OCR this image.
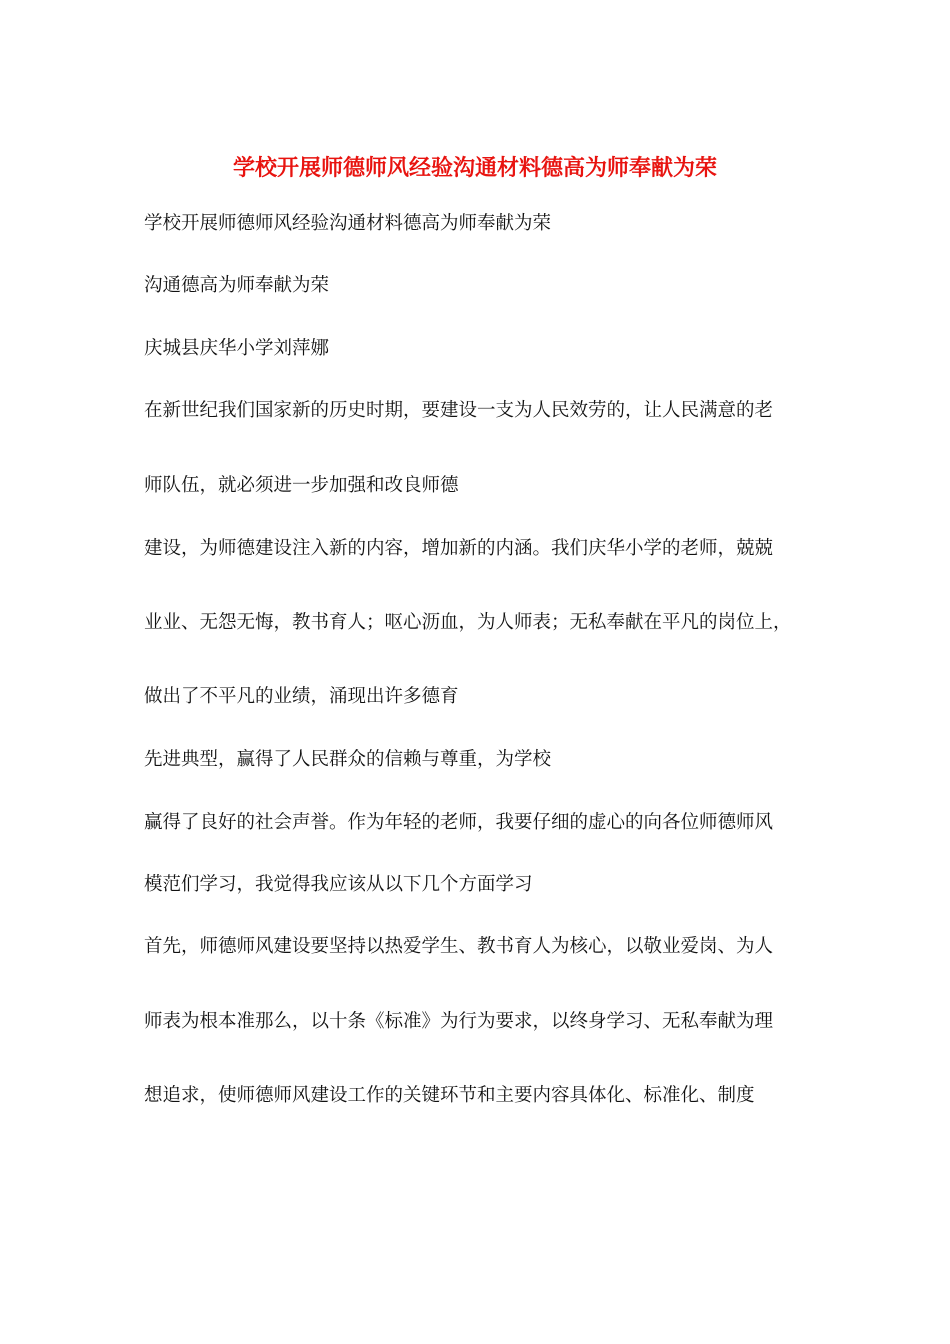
学校开展师德师风经验沟通材料德高为师奉献为荣
学校开展师德师风经验沟通材料德高为师奉献为荣
沟通德高为师奉献为荣
庆城县庆华小学刘萍娜
在新世纪我们国家新的历史时期，要建设一支为人民效劳的，让人民满意的老
师队伍，就必须进一步加强和改良师德
建设，为师德建设注入新的内容，增加新的内涵。我们庆华小学的老师，兢兢
业业、无怨无悔，教书育人；呕心沥血，为人师表；无私奉献在平凡的岗位上，
做出了不平凡的业绩，涌现出许多德育
先进典型，赢得了人民群众的信赖与尊重，为学校
赢得了良好的社会声誉。作为年轻的老师，我要仔细的虚心的向各位师德师风
模范们学习，我觉得我应该从以下几个方面学习
首先，师德师风建设要坚持以热爱学生、教书育人为核心，以敬业爱岗、为人
师表为根本准那么，以十条《标准》为行为要求，以终身学习、无私奉献为理
想追求，使师德师风建设工作的关键环节和主要内容具体化、标准化、制度
